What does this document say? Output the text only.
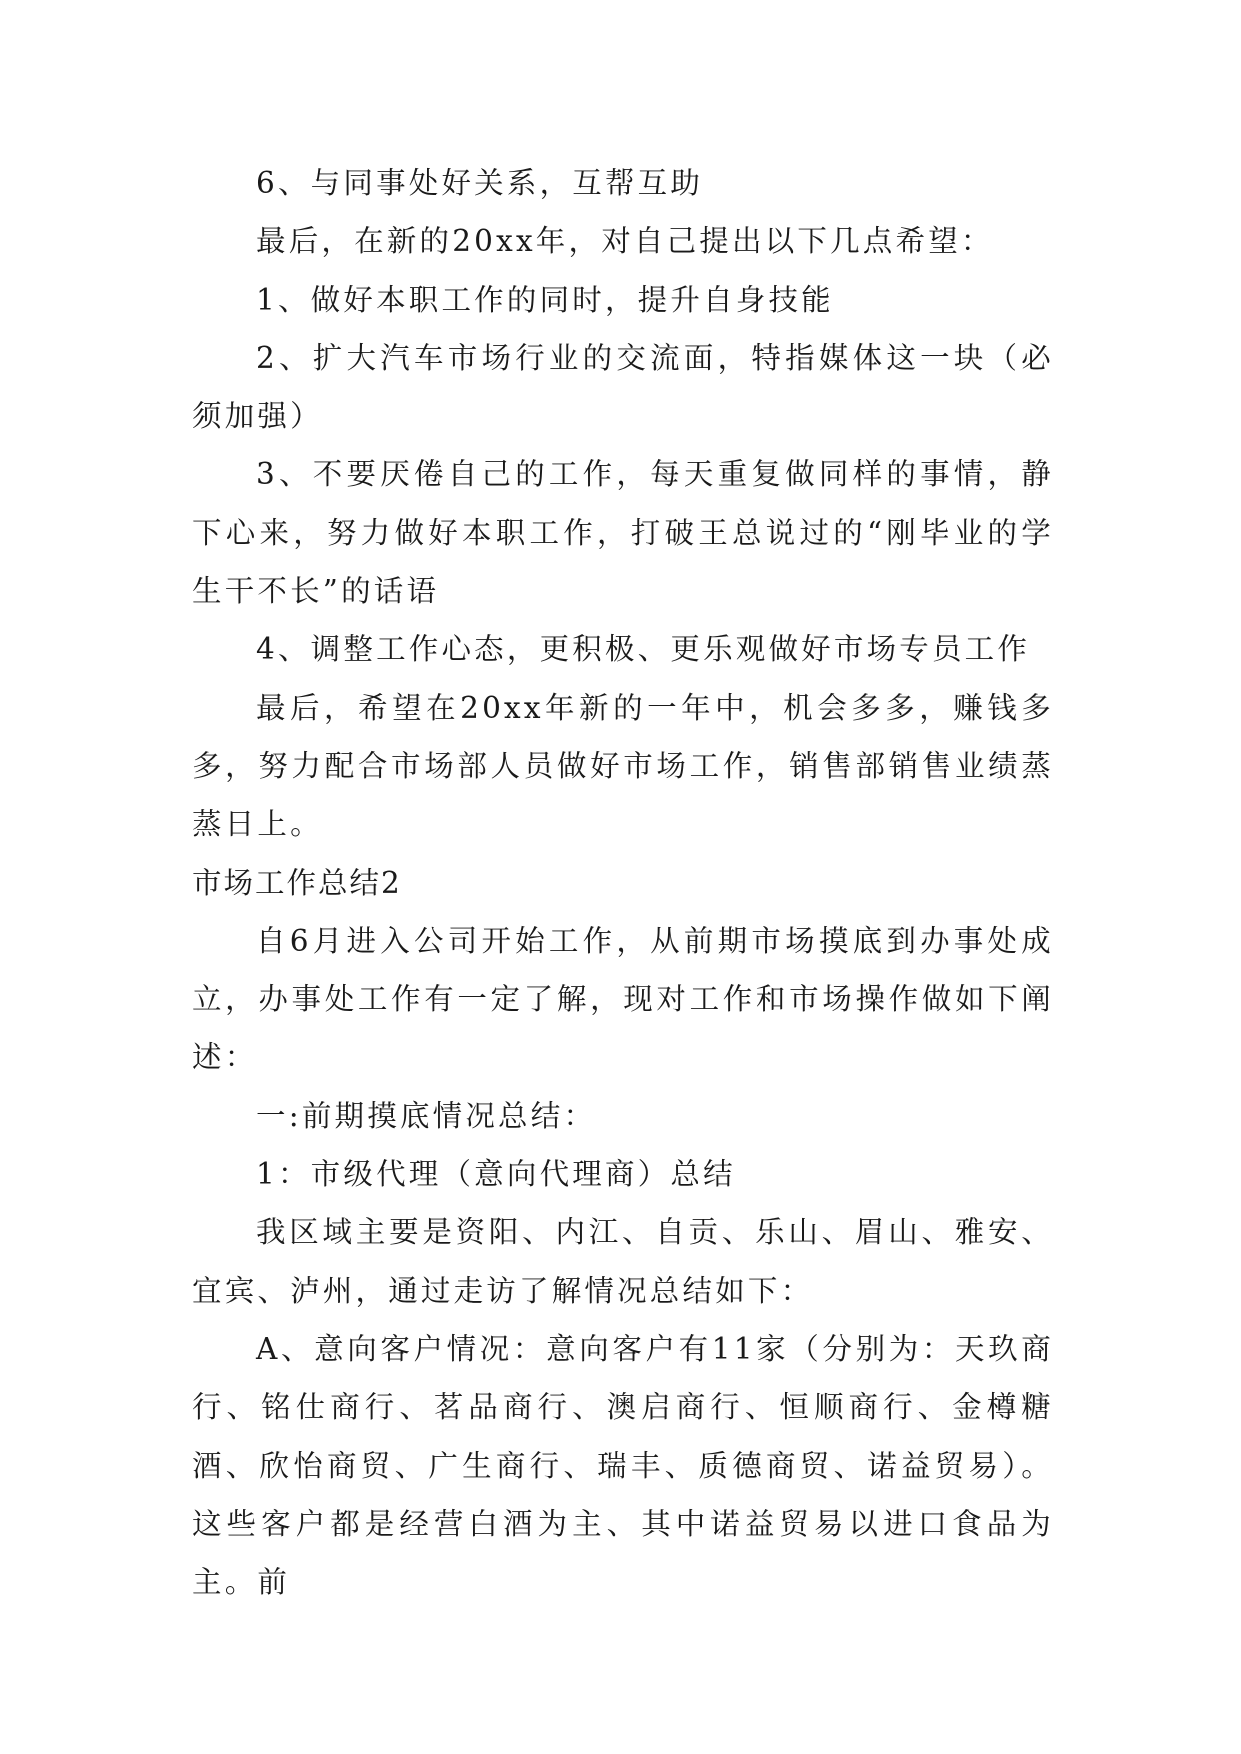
6、与同事处好关系，互帮互助

最后，在新的20xx年，对自己提出以下几点希望：

1、做好本职工作的同时，提升自身技能

2、扩大汽车市场行业的交流面，特指媒体这一块（必须加强）

3、不要厌倦自己的工作，每天重复做同样的事情，静下心来，努力做好本职工作，打破王总说过的“刚毕业的学生干不长”的话语

4、调整工作心态，更积极、更乐观做好市场专员工作

最后，希望在20xx年新的一年中，机会多多，赚钱多多，努力配合市场部人员做好市场工作，销售部销售业绩蒸蒸日上。

市场工作总结2

自6月进入公司开始工作，从前期市场摸底到办事处成立，办事处工作有一定了解，现对工作和市场操作做如下阐述：

一:前期摸底情况总结：

1：市级代理（意向代理商）总结

我区域主要是资阳、内江、自贡、乐山、眉山、雅安、宜宾、泸州，通过走访了解情况总结如下：

A、意向客户情况：意向客户有11家（分别为：天玖商行、铭仕商行、茗品商行、澳启商行、恒顺商行、金樽糖酒、欣怡商贸、广生商行、瑞丰、质德商贸、诺益贸易）。这些客户都是经营白酒为主、其中诺益贸易以进口食品为主。前
